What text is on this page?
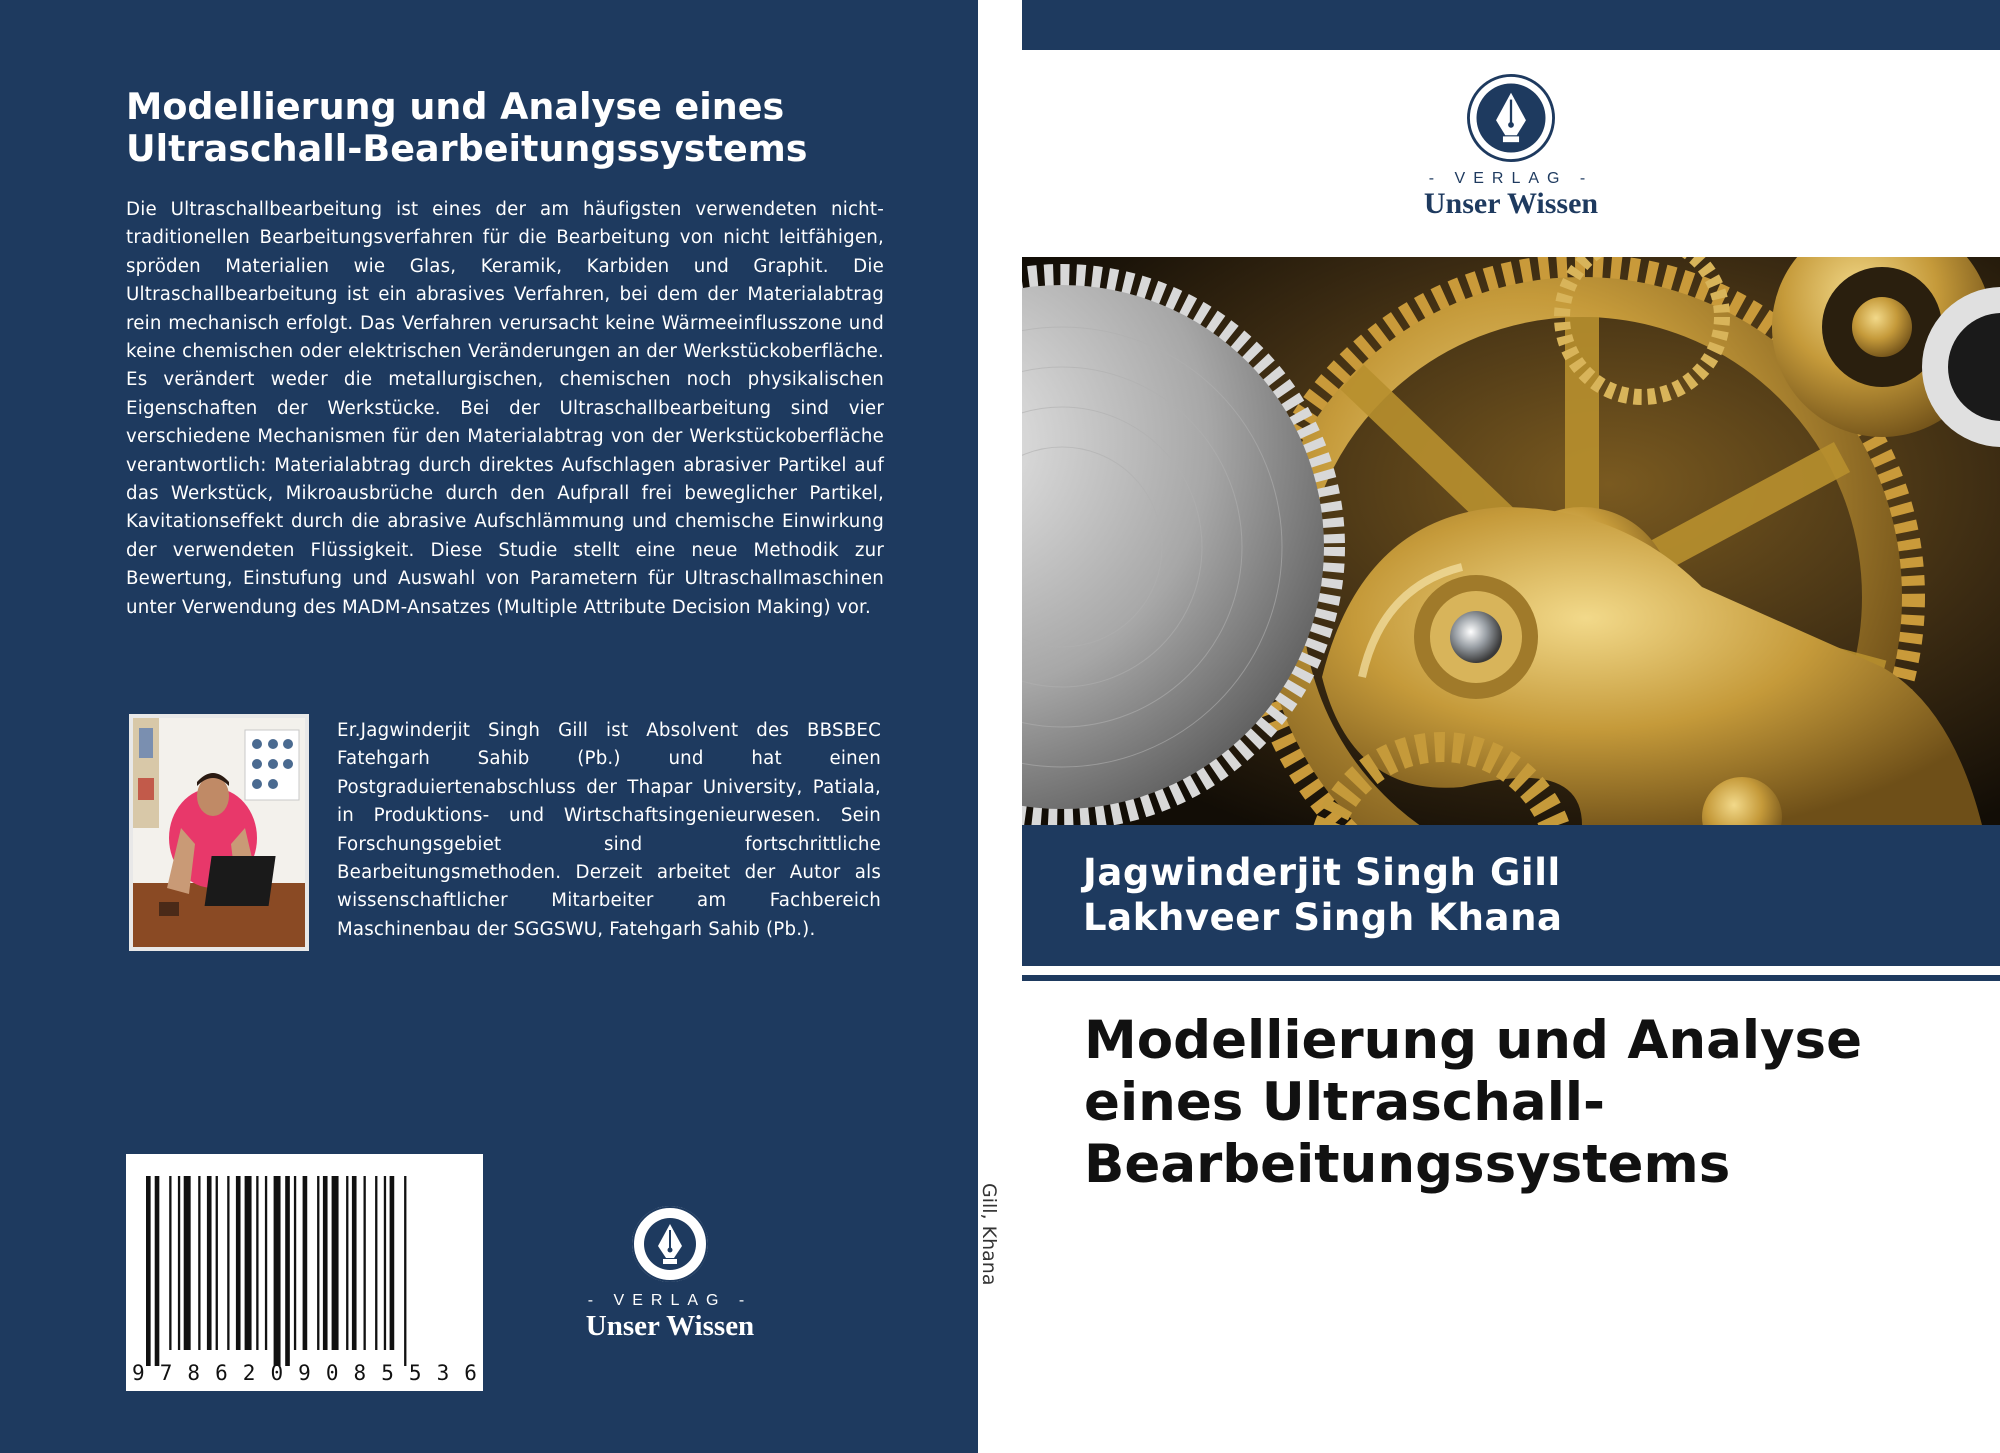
Modellierung und Analyse eines Ultraschall-Bearbeitungssystems

Die Ultraschallbearbeitung ist eines der am häufigsten verwendeten nicht-traditionellen Bearbeitungsverfahren für die Bearbeitung von nicht leitfähigen, spröden Materialien wie Glas, Keramik, Karbiden und Graphit. Die Ultraschallbearbeitung ist ein abrasives Verfahren, bei dem der Materialabtrag rein mechanisch erfolgt. Das Verfahren verursacht keine Wärmeeinflusszone und keine chemischen oder elektrischen Veränderungen an der Werkstückoberfläche. Es verändert weder die metallurgischen, chemischen noch physikalischen Eigenschaften der Werkstücke. Bei der Ultraschallbearbeitung sind vier verschiedene Mechanismen für den Materialabtrag von der Werkstückoberfläche verantwortlich: Materialabtrag durch direktes Aufschlagen abrasiver Partikel auf das Werkstück, Mikroausbrüche durch den Aufprall frei beweglicher Partikel, Kavitationseffekt durch die abrasive Aufschlämmung und chemische Einwirkung der verwendeten Flüssigkeit. Diese Studie stellt eine neue Methodik zur Bewertung, Einstufung und Auswahl von Parametern für Ultraschallmaschinen unter Verwendung des MADM-Ansatzes (Multiple Attribute Decision Making) vor.

Er.Jagwinderjit Singh Gill ist Absolvent des BBSBEC Fatehgarh Sahib (Pb.) und hat einen Postgraduiertenabschluss der Thapar University, Patiala, in Produktions- und Wirtschaftsingenieurwesen. Sein Forschungsgebiet sind fortschrittliche Bearbeitungsmethoden. Derzeit arbeitet der Autor als wissenschaftlicher Mitarbeiter am Fachbereich Maschinenbau der SGGSWU, Fatehgarh Sahib (Pb.).

9 7 8 6 2 0 9 0 8 5 5 3 6
- VERLAG -
Unser Wissen
Gill, Khana
- VERLAG -
Unser Wissen

Jagwinderjit Singh Gill

Lakhveer Singh Khana

Modellierung und Analyse eines Ultraschall-Bearbeitungssystems
